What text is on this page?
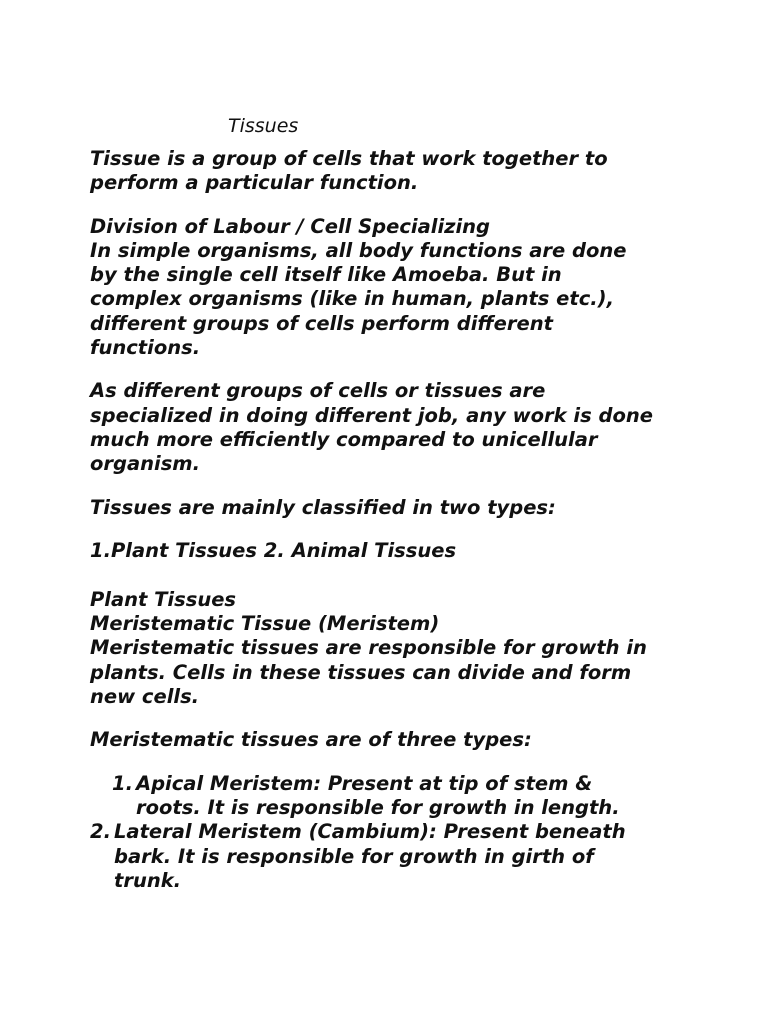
Tissues

Tissue is a group of cells that work together to

perform a particular function.

Division of Labour / Cell Specializing

In simple organisms, all body functions are done

by the single cell itself like Amoeba. But in

complex organisms (like in human, plants etc.),

different groups of cells perform different

functions.

As different groups of cells or tissues are

specialized in doing different job, any work is done

much more efficiently compared to unicellular

organism.

Tissues are mainly classified in two types:

1.Plant Tissues 2. Animal Tissues

Plant Tissues

Meristematic Tissue (Meristem)

Meristematic tissues are responsible for growth in

plants. Cells in these tissues can divide and form

new cells.

Meristematic tissues are of three types:

1. Apical Meristem: Present at tip of stem &

roots. It is responsible for growth in length.

2. Lateral Meristem (Cambium): Present beneath

bark. It is responsible for growth in girth of

trunk.
